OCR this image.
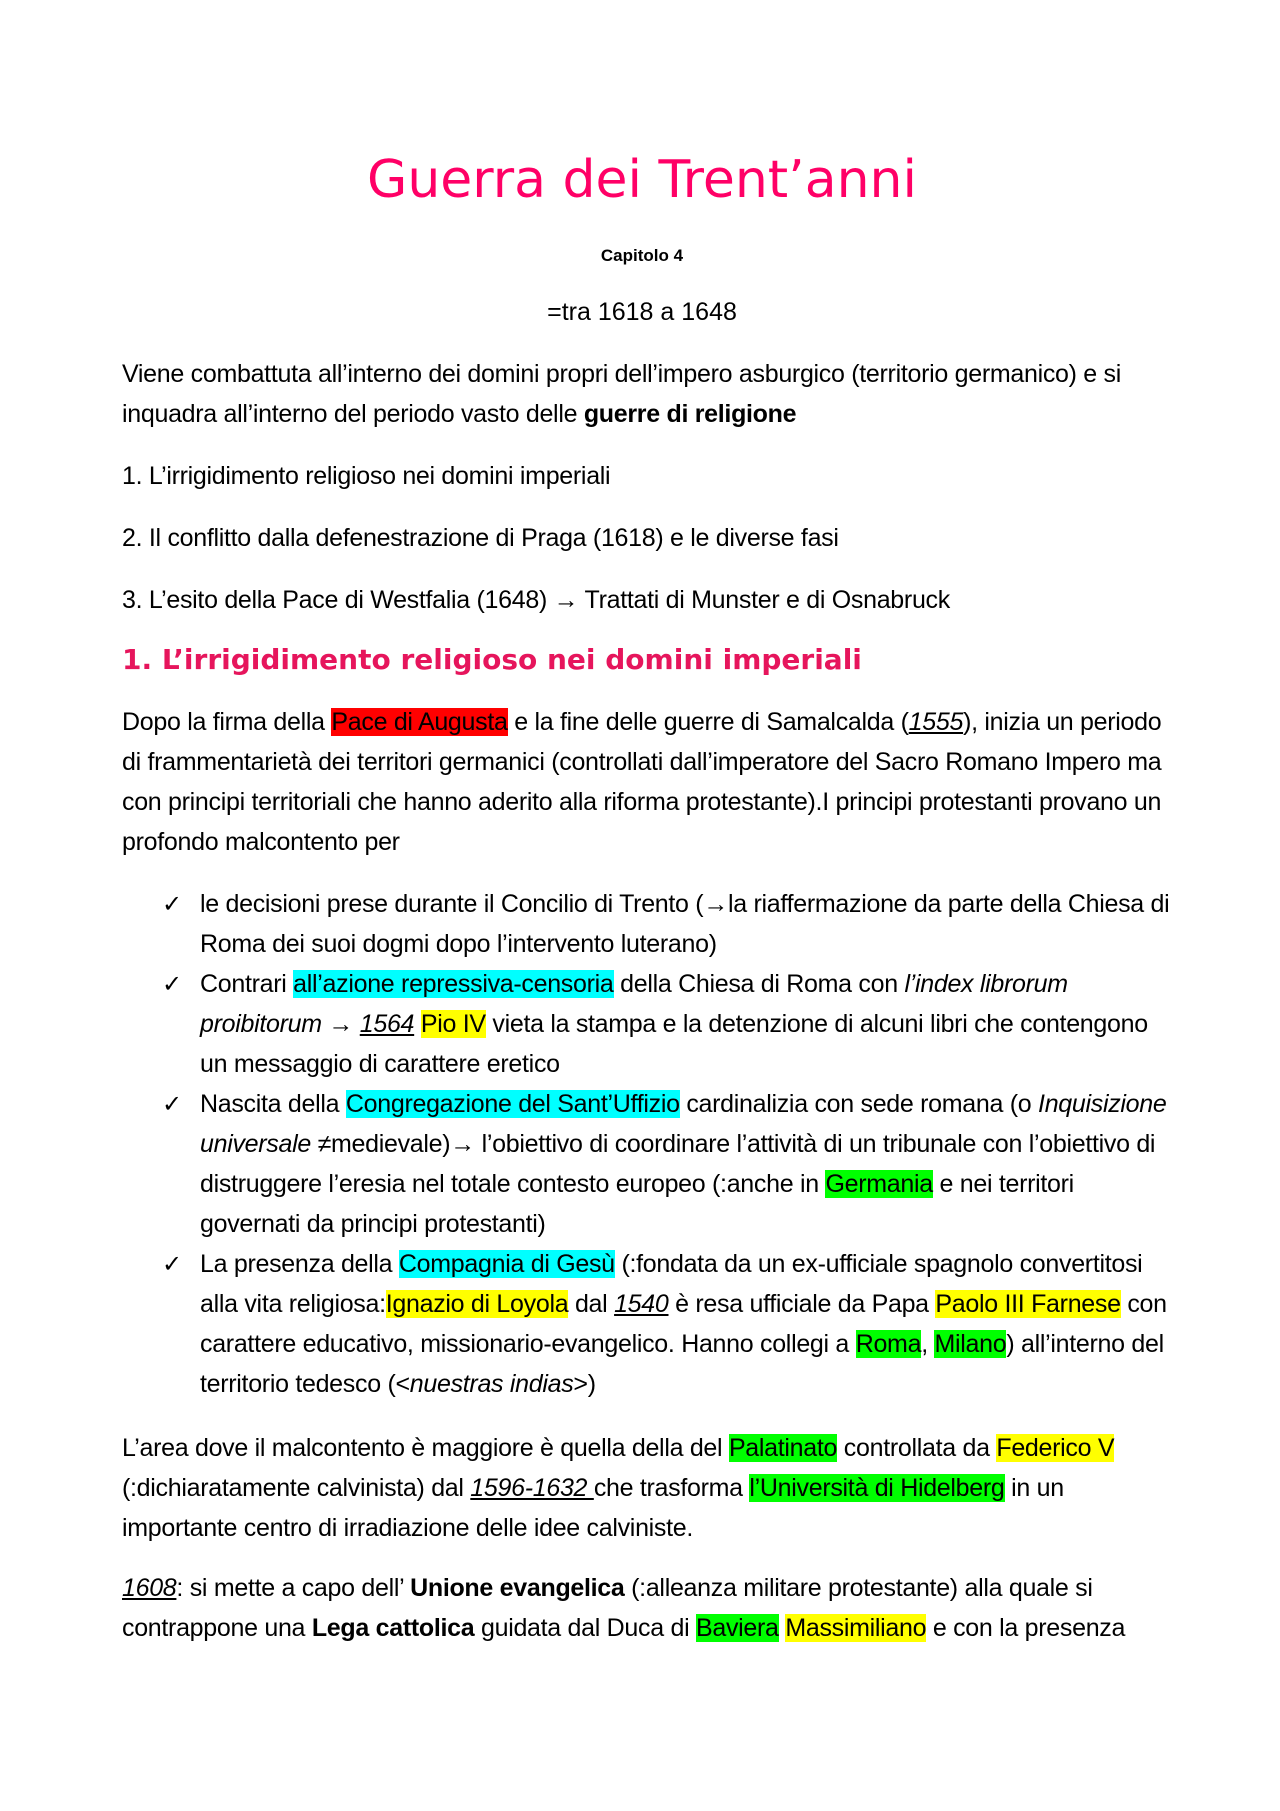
Guerra dei Trent’anni

Capitolo 4

=tra 1618 a 1648

Viene combattuta all’interno dei domini propri dell’impero asburgico (territorio germanico) e si inquadra all’interno del periodo vasto delle guerre di religione

1. L’irrigidimento religioso nei domini imperiali

2. Il conflitto dalla defenestrazione di Praga (1618) e le diverse fasi

3. L’esito della Pace di Westfalia (1648) → Trattati di Munster e di Osnabruck

1. L’irrigidimento religioso nei domini imperiali

Dopo la firma della Pace di Augusta e la fine delle guerre di Samalcalda (1555), inizia un periodo di frammentarietà dei territori germanici (controllati dall’imperatore del Sacro Romano Impero ma con principi territoriali che hanno aderito alla riforma protestante).I principi protestanti provano un profondo malcontento per

✓ le decisioni prese durante il Concilio di Trento (→la riaffermazione da parte della Chiesa di Roma dei suoi dogmi dopo l’intervento luterano)
✓ Contrari all’azione repressiva-censoria della Chiesa di Roma con l’index librorum proibitorum → 1564 Pio IV vieta la stampa e la detenzione di alcuni libri che contengono un messaggio di carattere eretico
✓ Nascita della Congregazione del Sant’Uffizio cardinalizia con sede romana (o Inquisizione universale ≠medievale)→ l’obiettivo di coordinare l’attività di un tribunale con l’obiettivo di distruggere l’eresia nel totale contesto europeo (:anche in Germania e nei territori governati da principi protestanti)
✓ La presenza della Compagnia di Gesù (:fondata da un ex-ufficiale spagnolo convertitosi alla vita religiosa:Ignazio di Loyola dal 1540 è resa ufficiale da Papa Paolo III Farnese con carattere educativo, missionario-evangelico. Hanno collegi a Roma, Milano) all’interno del territorio tedesco (<nuestras indias>)

L’area dove il malcontento è maggiore è quella della del Palatinato controllata da Federico V (:dichiaratamente calvinista) dal 1596-1632 che trasforma l’Università di Hidelberg in un importante centro di irradiazione delle idee calviniste.

1608: si mette a capo dell’ Unione evangelica (:alleanza militare protestante) alla quale si contrappone una Lega cattolica guidata dal Duca di Baviera Massimiliano e con la presenza
